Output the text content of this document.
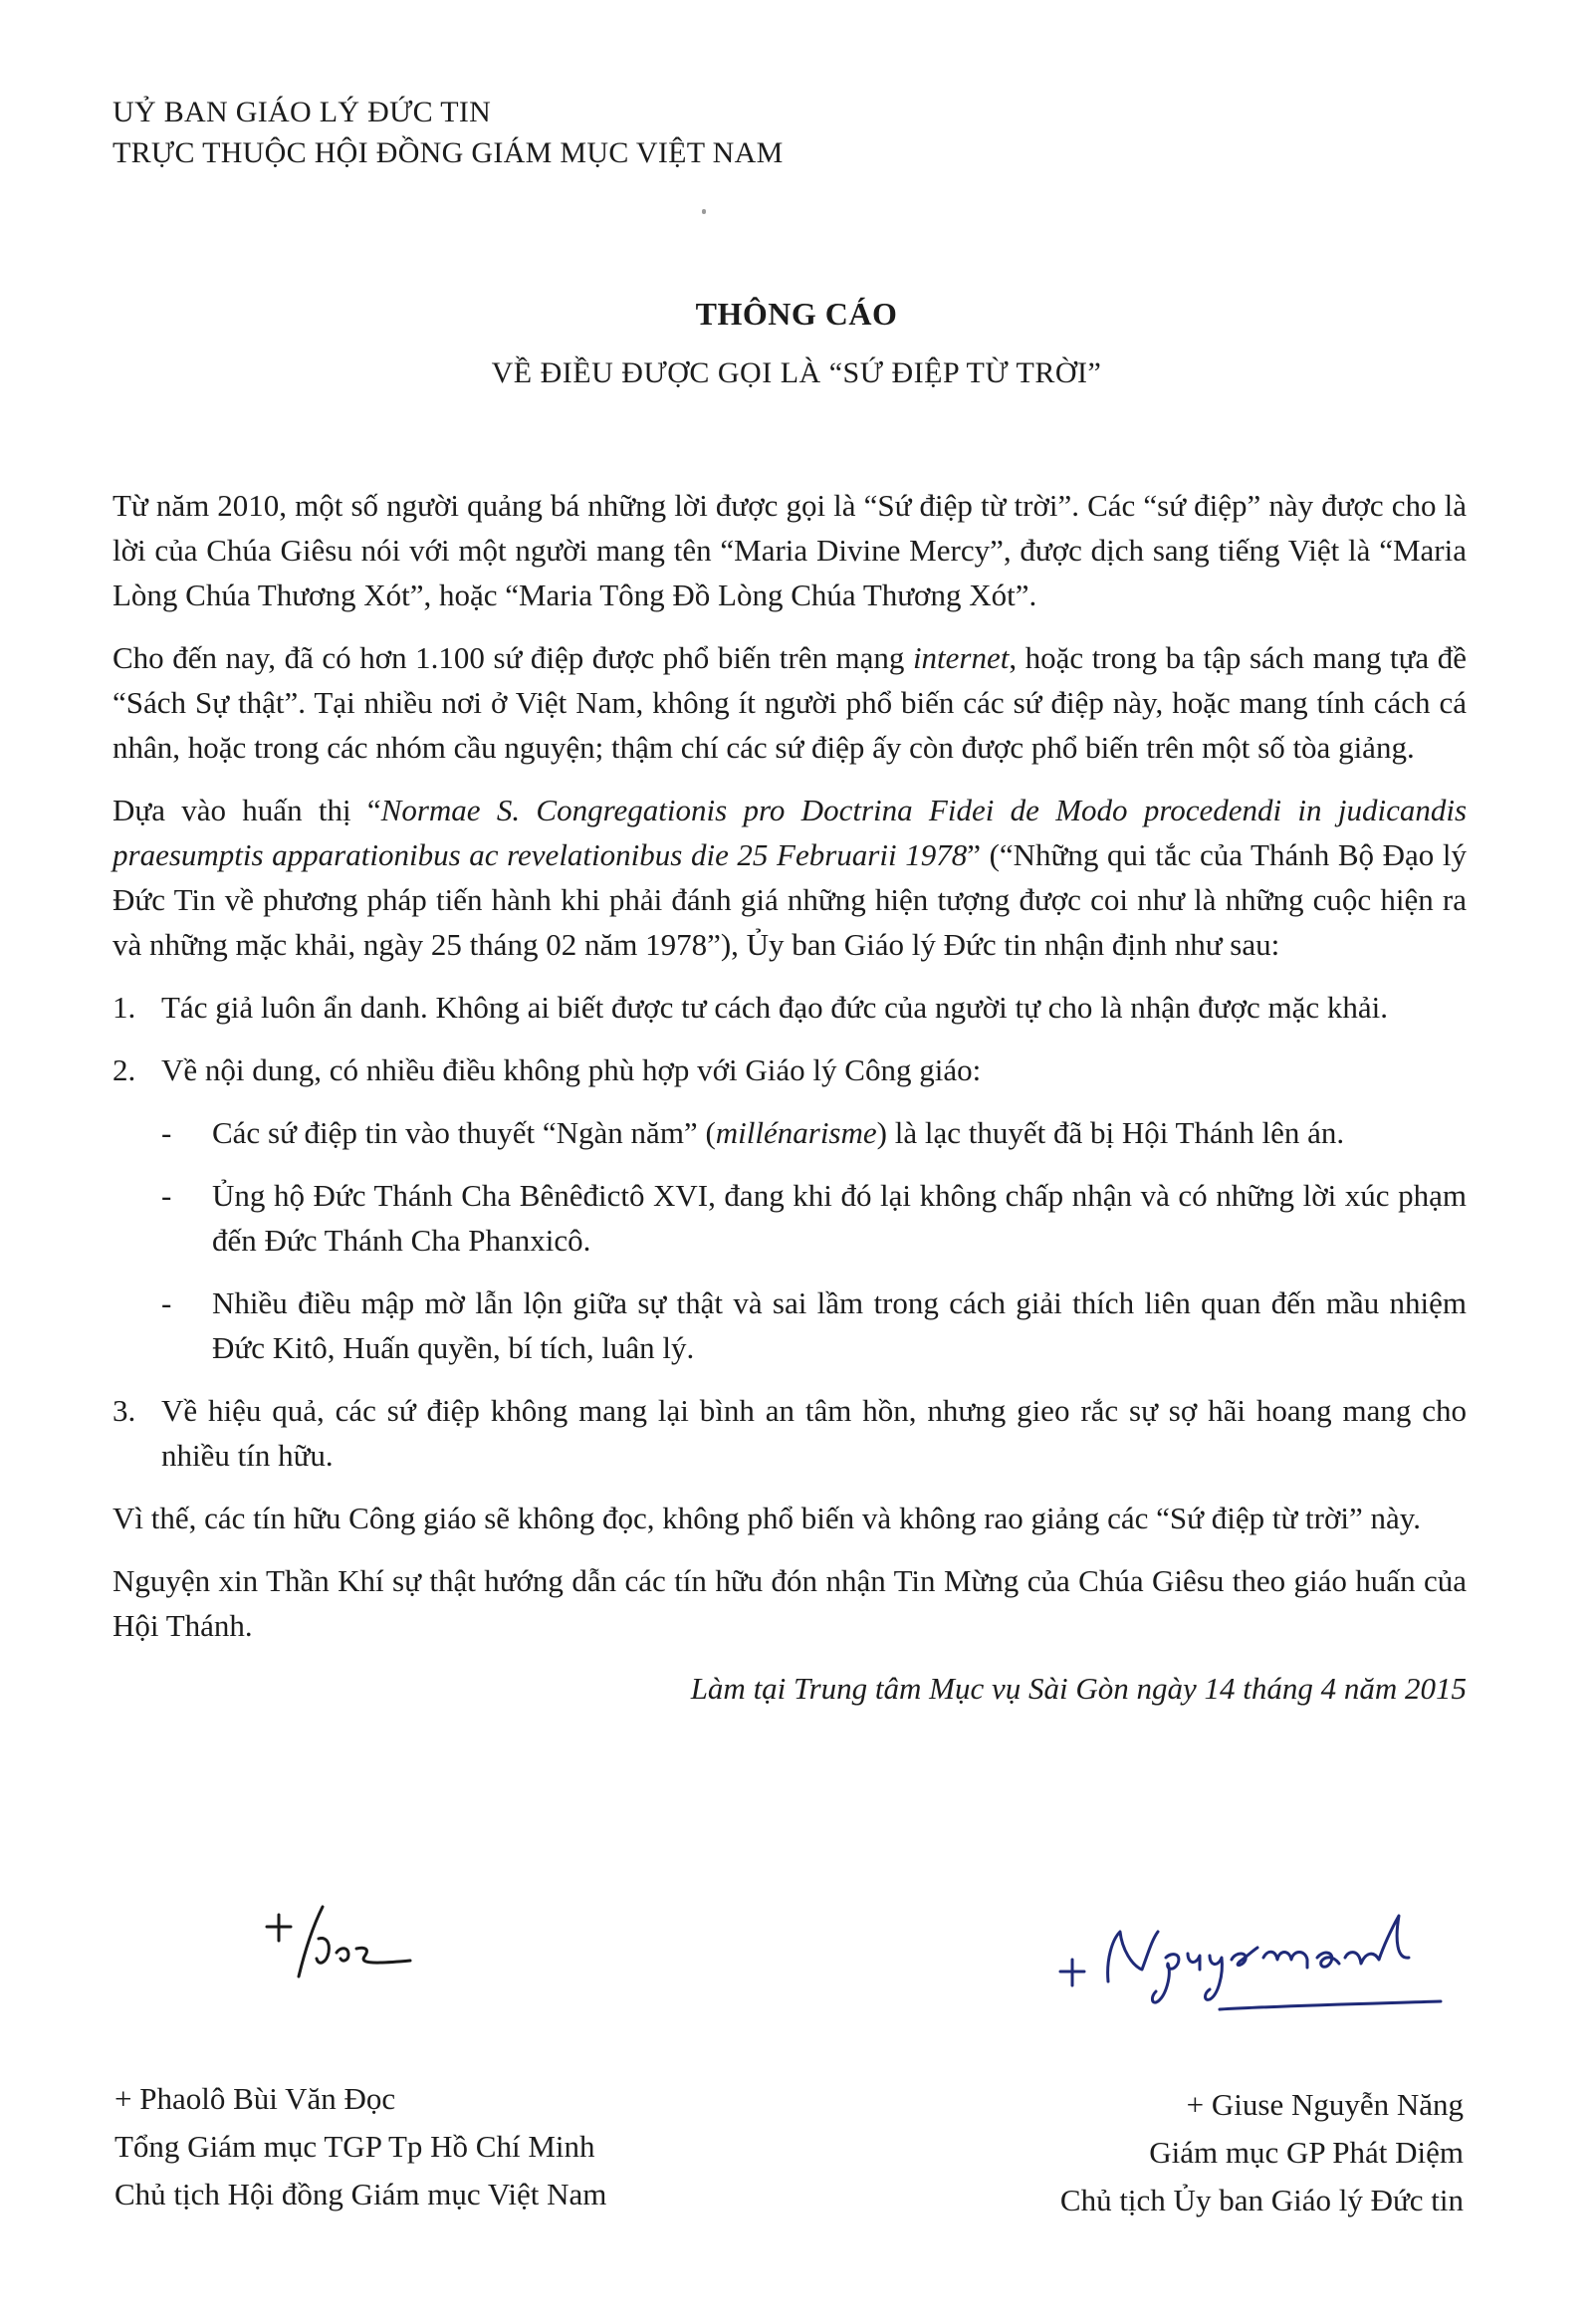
UỶ BAN GIÁO LÝ ĐỨC TIN
TRỰC THUỘC HỘI ĐỒNG GIÁM MỤC VIỆT NAM
THÔNG CÁO
VỀ ĐIỀU ĐƯỢC GỌI LÀ “SỨ ĐIỆP TỪ TRỜI”

Từ năm 2010, một số người quảng bá những lời được gọi là “Sứ điệp từ trời”. Các “sứ điệp” này được cho là lời của Chúa Giêsu nói với một người mang tên “Maria Divine Mercy”, được dịch sang tiếng Việt là “Maria Lòng Chúa Thương Xót”, hoặc “Maria Tông Đồ Lòng Chúa Thương Xót”.

Cho đến nay, đã có hơn 1.100 sứ điệp được phổ biến trên mạng internet, hoặc trong ba tập sách mang tựa đề “Sách Sự thật”. Tại nhiều nơi ở Việt Nam, không ít người phổ biến các sứ điệp này, hoặc mang tính cách cá nhân, hoặc trong các nhóm cầu nguyện; thậm chí các sứ điệp ấy còn được phổ biến trên một số tòa giảng.

Dựa vào huấn thị “Normae S. Congregationis pro Doctrina Fidei de Modo procedendi in judicandis praesumptis apparationibus ac revelationibus die 25 Februarii 1978” (“Những qui tắc của Thánh Bộ Đạo lý Đức Tin về phương pháp tiến hành khi phải đánh giá những hiện tượng được coi như là những cuộc hiện ra và những mặc khải, ngày 25 tháng 02 năm 1978”), Ủy ban Giáo lý Đức tin nhận định như sau:

1. Tác giả luôn ẩn danh. Không ai biết được tư cách đạo đức của người tự cho là nhận được mặc khải.
2. Về nội dung, có nhiều điều không phù hợp với Giáo lý Công giáo:
- Các sứ điệp tin vào thuyết “Ngàn năm” (millénarisme) là lạc thuyết đã bị Hội Thánh lên án.
- Ủng hộ Đức Thánh Cha Bênêđictô XVI, đang khi đó lại không chấp nhận và có những lời xúc phạm đến Đức Thánh Cha Phanxicô.
- Nhiều điều mập mờ lẫn lộn giữa sự thật và sai lầm trong cách giải thích liên quan đến mầu nhiệm Đức Kitô, Huấn quyền, bí tích, luân lý.
3. Về hiệu quả, các sứ điệp không mang lại bình an tâm hồn, nhưng gieo rắc sự sợ hãi hoang mang cho nhiều tín hữu.

Vì thế, các tín hữu Công giáo sẽ không đọc, không phổ biến và không rao giảng các “Sứ điệp từ trời” này.

Nguyện xin Thần Khí sự thật hướng dẫn các tín hữu đón nhận Tin Mừng của Chúa Giêsu theo giáo huấn của Hội Thánh.

Làm tại Trung tâm Mục vụ Sài Gòn ngày 14 tháng 4 năm 2015

+ Phaolô Bùi Văn Đọc
Tổng Giám mục TGP Tp Hồ Chí Minh
Chủ tịch Hội đồng Giám mục Việt Nam
+ Giuse Nguyễn Năng
Giám mục GP Phát Diệm
Chủ tịch Ủy ban Giáo lý Đức tin
